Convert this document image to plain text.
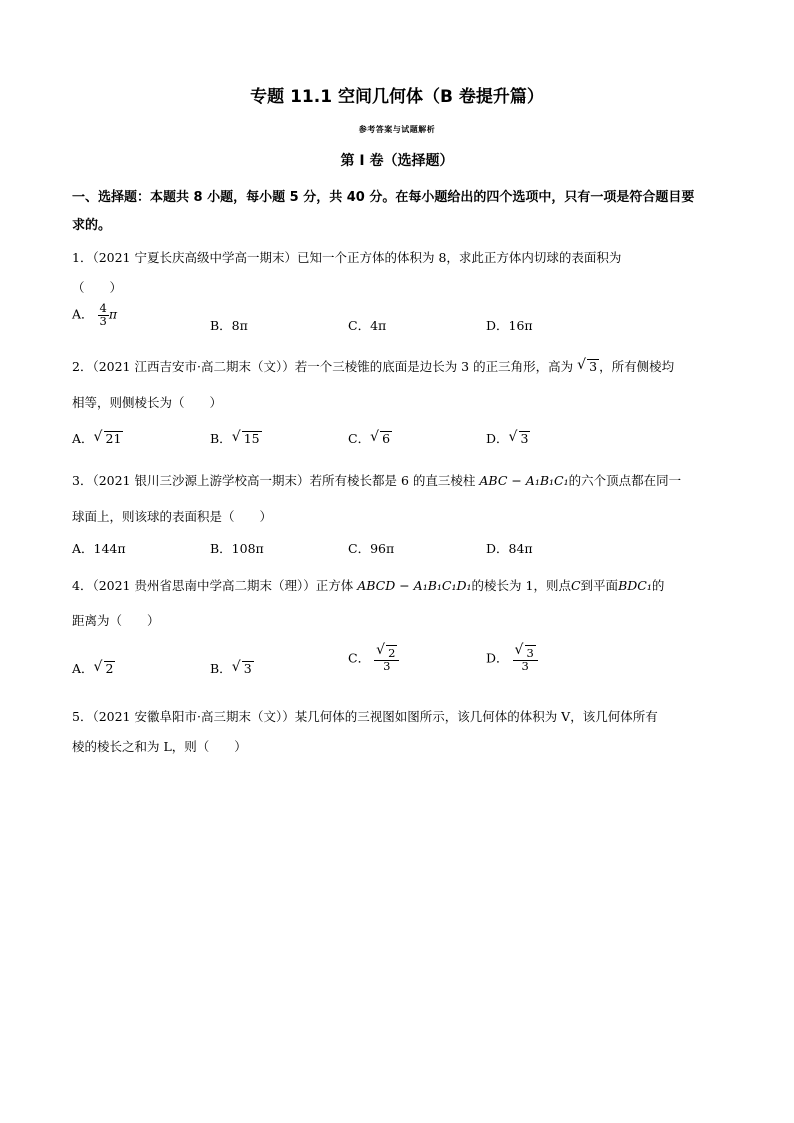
专题 11.1 空间几何体（B 卷提升篇）
参考答案与试题解析
第 I 卷（选择题）
一、选择题：本题共 8 小题，每小题 5 分，共 40 分。在每小题给出的四个选项中，只有一项是符合题目要
求的。
1．（2021 宁夏长庆高级中学高一期末）已知一个正方体的体积为 8，求此正方体内切球的表面积为
（　　）
A． $\frac{4}{3}$ π
B．8π	C．4π	D．16π
2．（2021 江西吉安市·高二期末（文））若一个三棱锥的底面是边长为 3 的正三角形，高为 √ 3 ，所有侧棱均
相等，则侧棱长为（　　）
A． √ 21	B． √ 15	C． √ 6	D． √ 3
3．（2021 银川三沙源上游学校高一期末）若所有棱长都是 6 的直三棱柱 ABC − A₁B₁C₁的六个顶点都在同一
球面上，则该球的表面积是（　　）
A．144π	B．108π	C．96π	D．84π
4．（2021 贵州省思南中学高二期末（理））正方体 ABCD − A₁B₁C₁D₁的棱长为 1，则点C到平面BDC₁的
距离为（　　）
A． √ 2	B． √ 3
C． √ $\frac{2}{3}$	D． √ $\frac{3}{3}$
5．（2021 安徽阜阳市·高三期末（文））某几何体的三视图如图所示，该几何体的体积为 V，该几何体所有
棱的棱长之和为 L，则（　　）
